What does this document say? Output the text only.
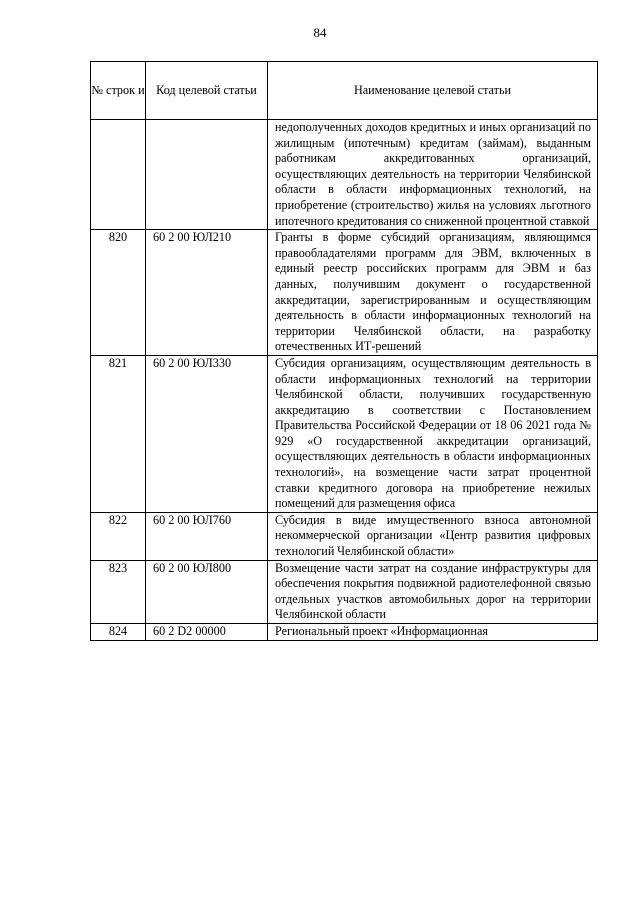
84
№ строк и	Код целевой статьи	Наименование целевой статьи
		недополученных доходов кредитных и иных организаций по жилищным (ипотечным) кредитам (займам), выданным работникам аккредитованных организаций, осуществляющих деятельность на территории Челябинской области в области информационных технологий, на приобретение (строительство) жилья на условиях льготного ипотечного кредитования со сниженной процентной ставкой
820	60 2 00 ЮЛ210	Гранты в форме субсидий организациям, являющимся правообладателями программ для ЭВМ, включенных в единый реестр российских программ для ЭВМ и баз данных, получившим документ о государственной аккредитации, зарегистрированным и осуществляющим деятельность в области информационных технологий на территории Челябинской области, на разработку отечественных ИТ-решений
821	60 2 00 ЮЛ330	Субсидия организациям, осуществляющим деятельность в области информационных технологий на территории Челябинской области, получивших государственную аккредитацию в соответствии с Постановлением Правительства Российской Федерации от 18 06 2021 года № 929 «О государственной аккредитации организаций, осуществляющих деятельность в области информационных технологий», на возмещение части затрат процентной ставки кредитного договора на приобретение нежилых помещений для размещения офиса
822	60 2 00 ЮЛ760	Субсидия в виде имущественного взноса автономной некоммерческой организации «Центр развития цифровых технологий Челябинской области»
823	60 2 00 ЮЛ800	Возмещение части затрат на создание инфраструктуры для обеспечения покрытия подвижной радиотелефонной связью отдельных участков автомобильных дорог на территории Челябинской области
824	60 2 D2 00000	Региональный проект «Информационная
